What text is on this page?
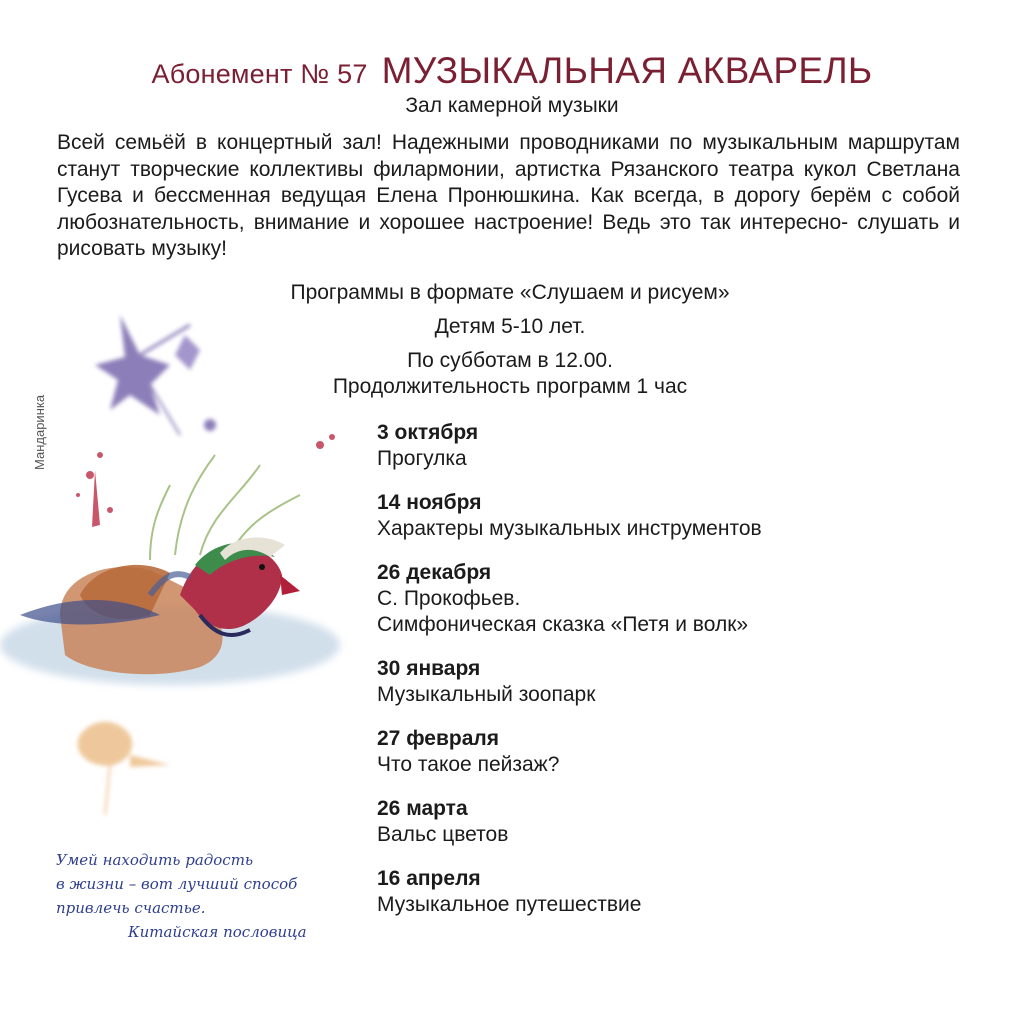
Абонемент № 57 МУЗЫКАЛЬНАЯ АКВАРЕЛЬ
Зал камерной музыки

Всей семьёй в концертный зал! Надежными проводниками по музыкальным маршрутам станут творческие коллективы филармонии, артистка Рязанского театра кукол Светлана Гусева и бессменная ведущая Елена Пронюшкина. Как всегда, в дорогу берём с собой любознательность, внимание и хорошее настроение! Ведь это так интересно- слушать и рисовать музыку!

Программы в формате «Слушаем и рисуем»
Детям 5-10 лет.
По субботам в 12.00.
Продолжительность программ 1 час
Мандаринка	3 октября
Прогулка
14 ноября
Характеры музыкальных инструментов
26 декабря
С. Прокофьев.
Симфоническая сказка «Петя и волк»
30 января
Музыкальный зоопарк
27 февраля
Что такое пейзаж?
26 марта
Вальс цветов
16 апреля
Музыкальное путешествие
Умей находить радость
в жизни – вот лучший способ
привлечь счастье.
Китайская пословица
